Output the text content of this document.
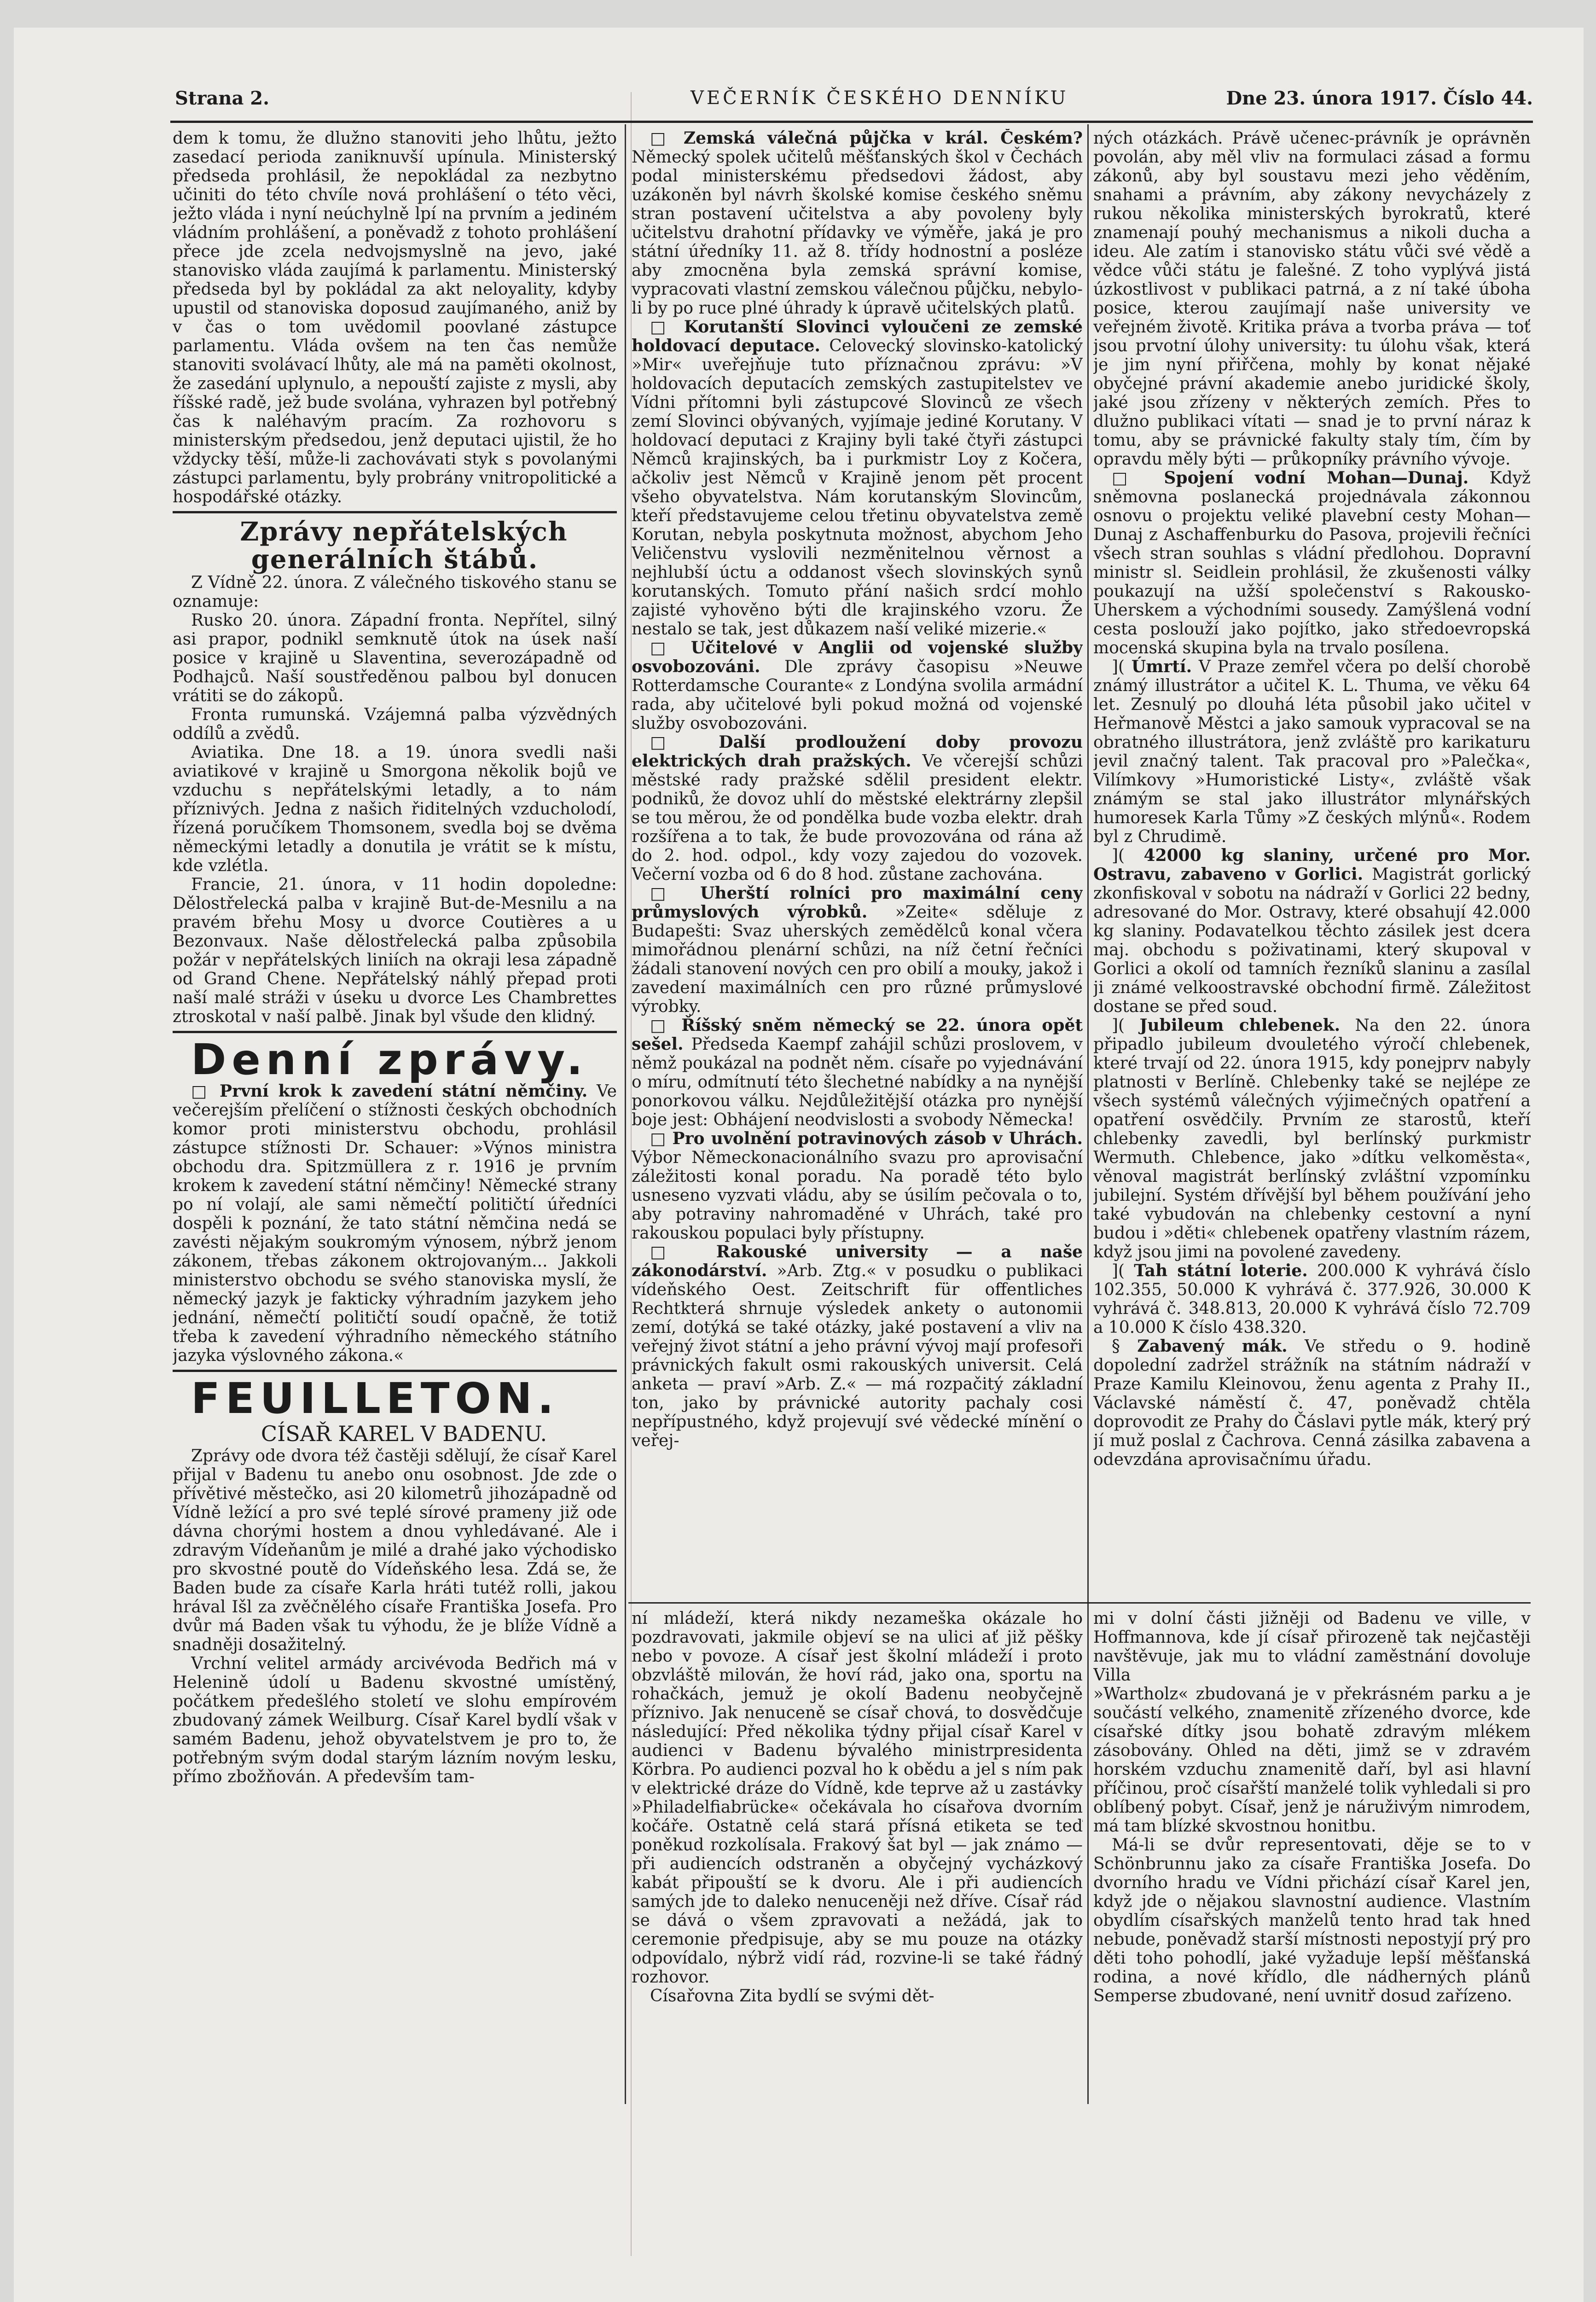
Strana 2.	VEČERNÍK ČESKÉHO DENNÍKU	Dne 23. února 1917. Číslo 44.

dem k tomu, že dlužno stanoviti jeho lhůtu, ježto zasedací perioda zaniknuvší upínula. Ministerský předseda prohlásil, že nepokládal za nezbytno učiniti do této chvíle nová prohlášení o této věci, ježto vláda i nyní neúchylně lpí na prvním a jediném vládním prohlášení, a poněvadž z tohoto prohlášení přece jde zcela nedvojsmyslně na jevo, jaké stanovisko vláda zaujímá k parlamentu. Ministerský předseda byl by pokládal za akt neloyality, kdyby upustil od stanoviska doposud zaujímaného, aniž by v čas o tom uvědomil poovlané zástupce parlamentu. Vláda ovšem na ten čas nemůže stanoviti svolávací lhůty, ale má na paměti okolnost, že zasedání uplynulo, a nepouští zajiste z mysli, aby říšské radě, jež bude svolána, vyhrazen byl potřebný čas k naléhavým pracím. Za rozhovoru s ministerským předsedou, jenž deputaci ujistil, že ho vždycky těší, může-li zachovávati styk s povolanými zástupci parlamentu, byly probrány vnitropolitické a hospodářské otázky.

Zprávy nepřátelských generálních štábů.

Z Vídně 22. února. Z válečného tiskového stanu se oznamuje:

Rusko 20. února. Západní fronta. Nepřítel, silný asi prapor, podnikl semknutě útok na úsek naší posice v krajině u Slaventina, severozápadně od Podhajců. Naší soustředěnou palbou byl donucen vrátiti se do zákopů.

Fronta rumunská. Vzájemná palba výzvědných oddílů a zvědů.

Aviatika. Dne 18. a 19. února svedli naši aviatikové v krajině u Smorgona několik bojů ve vzduchu s nepřátelskými letadly, a to nám příznivých. Jedna z našich řiditelných vzducholodí, řízená poručíkem Thomsonem, svedla boj se dvěma německými letadly a donutila je vrátit se k místu, kde vzlétla.

Francie, 21. února, v 11 hodin dopoledne: Dělostřelecká palba v krajině But-de-Mesnilu a na pravém břehu Mosy u dvorce Coutières a u Bezonvaux. Naše dělostřelecká palba způsobila požár v nepřátelských liniích na okraji lesa západně od Grand Chene. Nepřátelský náhlý přepad proti naší malé stráži v úseku u dvorce Les Chambrettes ztroskotal v naší palbě. Jinak byl všude den klidný.

Denní zprávy.

□ První krok k zavedení státní němčiny. Ve večerejším přelíčení o stížnosti českých obchodních komor proti ministerstvu obchodu, prohlásil zástupce stížnosti Dr. Schauer: »Výnos ministra obchodu dra. Spitzmüllera z r. 1916 je prvním krokem k zavedení státní němčiny! Německé strany po ní volají, ale sami němečtí političtí úředníci dospěli k poznání, že tato státní němčina nedá se zavésti nějakým soukromým výnosem, nýbrž jenom zákonem, třebas zákonem oktrojovaným... Jakkoli ministerstvo obchodu se svého stanoviska myslí, že německý jazyk je fakticky výhradním jazykem jeho jednání, němečtí političtí soudí opačně, že totiž třeba k zavedení výhradního německého státního jazyka výslovného zákona.«

FEUILLETON.

CÍSAŘ KAREL V BADENU.

Zprávy ode dvora též častěji sdělují, že císař Karel přijal v Badenu tu anebo onu osobnost. Jde zde o přívětivé městečko, asi 20 kilometrů jihozápadně od Vídně ležící a pro své teplé sírové prameny již ode dávna chorými hostem a dnou vyhledávané. Ale i zdravým Vídeňanům je milé a drahé jako východisko pro skvostné poutě do Vídeňského lesa. Zdá se, že Baden bude za císaře Karla hráti tutéž rolli, jakou hrával Išl za zvěčnělého císaře Františka Josefa. Pro dvůr má Baden však tu výhodu, že je blíže Vídně a snadněji dosažitelný.

Vrchní velitel armády arcivévoda Bedřich má v Helenině údolí u Badenu skvostné umístěný, počátkem předešlého století ve slohu empírovém zbudovaný zámek Weilburg. Císař Karel bydlí však v samém Badenu, jehož obyvatelstvem je pro to, že potřebným svým dodal starým lázním novým lesku, přímo zbožňován. A především tam-

□ Zemská válečná půjčka v král. Českém? Německý spolek učitelů měšťanských škol v Čechách podal ministerskému předsedovi žádost, aby uzákoněn byl návrh školské komise českého sněmu stran postavení učitelstva a aby povoleny byly učitelstvu drahotní přídavky ve výměře, jaká je pro státní úředníky 11. až 8. třídy hodnostní a posléze aby zmocněna byla zemská správní komise, vypracovati vlastní zemskou válečnou půjčku, nebylo-li by po ruce plné úhrady k úpravě učitelských platů.

□ Korutanští Slovinci vyloučeni ze zemské holdovací deputace. Celovecký slovinsko-katolický »Mir« uveřejňuje tuto příznačnou zprávu: »V holdovacích deputacích zemských zastupitelstev ve Vídni přítomni byli zástupcové Slovinců ze všech zemí Slovinci obývaných, vyjímaje jediné Korutany. V holdovací deputaci z Krajiny byli také čtyři zástupci Němců krajinských, ba i purkmistr Loy z Kočera, ačkoliv jest Němců v Krajině jenom pět procent všeho obyvatelstva. Nám korutanským Slovincům, kteří představujeme celou třetinu obyvatelstva země Korutan, nebyla poskytnuta možnost, abychom Jeho Veličenstvu vyslovili nezměnitelnou věrnost a nejhlubší úctu a oddanost všech slovinských synů korutanských. Tomuto přání našich srdcí mohlo zajisté vyhověno býti dle krajinského vzoru. Že nestalo se tak, jest důkazem naší veliké mizerie.«

□ Učitelové v Anglii od vojenské služby osvobozováni. Dle zprávy časopisu »Neuwe Rotterdamsche Courante« z Londýna svolila armádní rada, aby učitelové byli pokud možná od vojenské služby osvobozováni.

□ Další prodloužení doby provozu elektrických drah pražských. Ve včerejší schůzi městské rady pražské sdělil president elektr. podniků, že dovoz uhlí do městské elektrárny zlepšil se tou měrou, že od pondělka bude vozba elektr. drah rozšířena a to tak, že bude provozována od rána až do 2. hod. odpol., kdy vozy zajedou do vozovek. Večerní vozba od 6 do 8 hod. zůstane zachována.

□ Uherští rolníci pro maximální ceny průmyslových výrobků. »Zeite« sděluje z Budapešti: Svaz uherských zemědělců konal včera mimořádnou plenární schůzi, na níž četní řečníci žádali stanovení nových cen pro obilí a mouky, jakož i zavedení maximálních cen pro různé průmyslové výrobky.

□ Říšský sněm německý se 22. února opět sešel. Předseda Kaempf zahájil schůzi proslovem, v němž poukázal na podnět něm. císaře po vyjednávání o míru, odmítnutí této šlechetné nabídky a na nynější ponorkovou válku. Nejdůležitější otázka pro nynější boje jest: Obhájení neodvislosti a svobody Německa!

□ Pro uvolnění potravinových zásob v Uhrách. Výbor Německonacionálního svazu pro aprovisační záležitosti konal poradu. Na poradě této bylo usneseno vyzvati vládu, aby se úsilím pečovala o to, aby potraviny nahromaděné v Uhrách, také pro rakouskou populaci byly přístupny.

□ Rakouské university — a naše zákonodárství. »Arb. Ztg.« v posudku o publikaci vídeňského Oest. Zeitschrift für offentliches Rechtkterá shrnuje výsledek ankety o autonomii zemí, dotýká se také otázky, jaké postavení a vliv na veřejný život státní a jeho právní vývoj mají profesoři právnických fakult osmi rakouských universit. Celá anketa — praví »Arb. Z.« — má rozpačitý základní ton, jako by právnické autority pachaly cosi nepřípustného, když projevují své vědecké mínění o veřej-

ní mládeží, která nikdy nezameška okázale ho pozdravovati, jakmile objeví se na ulici ať již pěšky nebo v povoze. A císař jest školní mládeží i proto obzvláště milován, že hoví rád, jako ona, sportu na rohačkách, jemuž je okolí Badenu neobyčejně příznivo. Jak nenuceně se císař chová, to dosvědčuje následující: Před několika týdny přijal císař Karel v audienci v Badenu bývalého ministrpresidenta Körbra. Po audienci pozval ho k obědu a jel s ním pak v elektrické dráze do Vídně, kde teprve až u zastávky »Philadelfiabrücke« očekávala ho císařova dvorním kočáře. Ostatně celá stará přísná etiketa se teď poněkud rozkolísala. Frakový šat byl — jak známo — při audiencích odstraněn a obyčejný vycházkový kabát připouští se k dvoru. Ale i při audiencích samých jde to daleko nenuceněji než dříve. Císař rád se dává o všem zpravovati a nežádá, jak to ceremonie předpisuje, aby se mu pouze na otázky odpovídalo, nýbrž vidí rád, rozvine-li se také řádný rozhovor.

Císařovna Zita bydlí se svými dět-

ných otázkách. Právě učenec-právník je oprávněn povolán, aby měl vliv na formulaci zásad a formu zákonů, aby byl soustavu mezi jeho věděním, snahami a právním, aby zákony nevycházely z rukou několika ministerských byrokratů, které znamenají pouhý mechanismus a nikoli ducha a ideu. Ale zatím i stanovisko státu vůči své vědě a vědce vůči státu je falešné. Z toho vyplývá jistá úzkostlivost v publikaci patrná, a z ní také úboha posice, kterou zaujímají naše university ve veřejném životě. Kritika práva a tvorba práva — toť jsou prvotní úlohy university: tu úlohu však, která je jim nyní přiřčena, mohly by konat nějaké obyčejné právní akademie anebo juridické školy, jaké jsou zřízeny v některých zemích. Přes to dlužno publikaci vítati — snad je to první náraz k tomu, aby se právnické fakulty staly tím, čím by opravdu měly býti — průkopníky právního vývoje.

□ Spojení vodní Mohan—Dunaj. Když sněmovna poslanecká projednávala zákonnou osnovu o projektu veliké plavební cesty Mohan—Dunaj z Aschaffenburku do Pasova, projevili řečníci všech stran souhlas s vládní předlohou. Dopravní ministr sl. Seidlein prohlásil, že zkušenosti války poukazují na užší společenství s Rakousko-Uherskem a východními sousedy. Zamýšlená vodní cesta poslouží jako pojítko, jako středoevropská mocenská skupina byla na trvalo posílena.

]( Úmrtí. V Praze zemřel včera po delší chorobě známý illustrátor a učitel K. L. Thuma, ve věku 64 let. Zesnulý po dlouhá léta působil jako učitel v Heřmanově Městci a jako samouk vypracoval se na obratného illustrátora, jenž zvláště pro karikaturu jevil značný talent. Tak pracoval pro »Palečka«, Vilímkovy »Humoristické Listy«, zvláště však známým se stal jako illustrátor mlynářských humoresek Karla Tůmy »Z českých mlýnů«. Rodem byl z Chrudimě.

]( 42000 kg slaniny, určené pro Mor. Ostravu, zabaveno v Gorlici. Magistrát gorlický zkonfiskoval v sobotu na nádraží v Gorlici 22 bedny, adresované do Mor. Ostravy, které obsahují 42.000 kg slaniny. Podavatelkou těchto zásilek jest dcera maj. obchodu s poživatinami, který skupoval v Gorlici a okolí od tamních řezníků slaninu a zasílal ji známé velkoostravské obchodní firmě. Záležitost dostane se před soud.

]( Jubileum chlebenek. Na den 22. února připadlo jubileum dvouletého výročí chlebenek, které trvají od 22. února 1915, kdy ponejprv nabyly platnosti v Berlíně. Chlebenky také se nejlépe ze všech systémů válečných výjimečných opatření a opatření osvědčily. Prvním ze starostů, kteří chlebenky zavedli, byl berlínský purkmistr Wermuth. Chlebence, jako »dítku velkoměsta«, věnoval magistrát berlínský zvláštní vzpomínku jubilejní. Systém dřívější byl během používání jeho také vybudován na chlebenky cestovní a nyní budou i »děti« chlebenek opatřeny vlastním rázem, když jsou jimi na povolené zavedeny.

]( Tah státní loterie. 200.000 K vyhrává číslo 102.355, 50.000 K vyhrává č. 377.926, 30.000 K vyhrává č. 348.813, 20.000 K vyhrává číslo 72.709 a 10.000 K číslo 438.320.

§ Zabavený mák. Ve středu o 9. hodině dopolední zadržel strážník na státním nádraží v Praze Kamilu Kleinovou, ženu agenta z Prahy II., Václavské náměstí č. 47, poněvadž chtěla doprovodit ze Prahy do Čáslavi pytle mák, který prý jí muž poslal z Čachrova. Cenná zásilka zabavena a odevzdána aprovisačnímu úřadu.

mi v dolní části jižněji od Badenu ve ville, v Hoffmannova, kde jí císař přirozeně tak nejčastěji navštěvuje, jak mu to vládní zaměstnání dovoluje Villa

»Wartholz« zbudovaná je v překrásném parku a je součástí velkého, znamenitě zřízeného dvorce, kde císařské dítky jsou bohatě zdravým mlékem zásobovány. Ohled na děti, jimž se v zdravém horském vzduchu znamenitě daří, byl asi hlavní příčinou, proč císařští manželé tolik vyhledali si pro oblíbený pobyt. Císař, jenž je náruživým nimrodem, má tam blízké skvostnou honitbu.

Má-li se dvůr representovati, děje se to v Schönbrunnu jako za císaře Františka Josefa. Do dvorního hradu ve Vídni přichází císař Karel jen, když jde o nějakou slavnostní audience. Vlastním obydlím císařských manželů tento hrad tak hned nebude, poněvadž starší místnosti nepostyjí prý pro děti toho pohodlí, jaké vyžaduje lepší měšťanská rodina, a nové křídlo, dle nádherných plánů Semperse zbudované, není uvnitř dosud zařízeno.
